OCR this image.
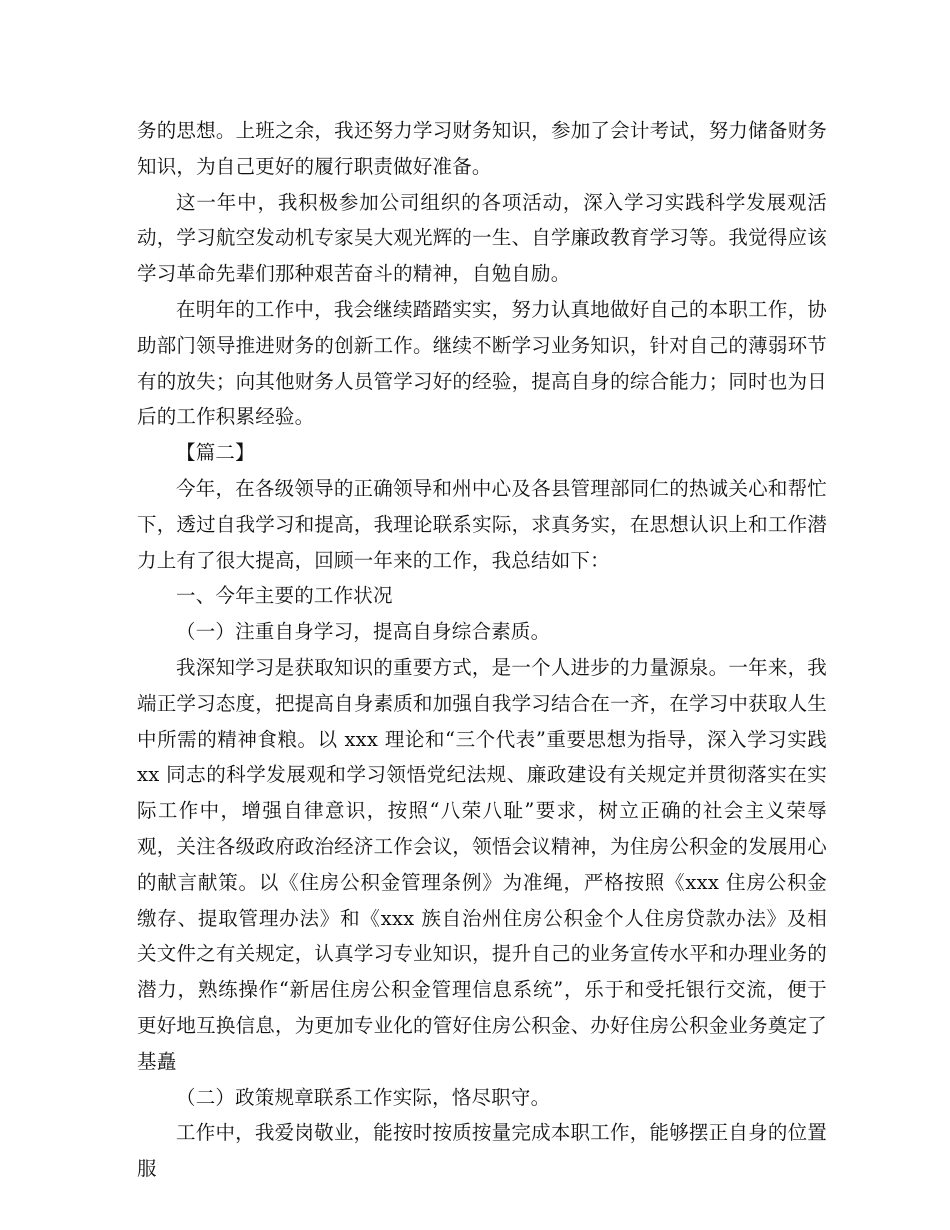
务的思想。上班之余，我还努力学习财务知识，参加了会计考试，努力储备财务知识，为自己更好的履行职责做好准备。

这一年中，我积极参加公司组织的各项活动，深入学习实践科学发展观活动，学习航空发动机专家吴大观光辉的一生、自学廉政教育学习等。我觉得应该学习革命先辈们那种艰苦奋斗的精神，自勉自励。

在明年的工作中，我会继续踏踏实实，努力认真地做好自己的本职工作，协助部门领导推进财务的创新工作。继续不断学习业务知识，针对自己的薄弱环节有的放失；向其他财务人员管学习好的经验，提高自身的综合能力；同时也为日后的工作积累经验。

【篇二】

今年，在各级领导的正确领导和州中心及各县管理部同仁的热诚关心和帮忙下，透过自我学习和提高，我理论联系实际，求真务实，在思想认识上和工作潜力上有了很大提高，回顾一年来的工作，我总结如下：

一、今年主要的工作状况

（一）注重自身学习，提高自身综合素质。

我深知学习是获取知识的重要方式，是一个人进步的力量源泉。一年来，我端正学习态度，把提高自身素质和加强自我学习结合在一齐，在学习中获取人生中所需的精神食粮。以 xxx 理论和“三个代表”重要思想为指导，深入学习实践 xx 同志的科学发展观和学习领悟党纪法规、廉政建设有关规定并贯彻落实在实际工作中，增强自律意识，按照“八荣八耻”要求，树立正确的社会主义荣辱观，关注各级政府政治经济工作会议，领悟会议精神，为住房公积金的发展用心的献言献策。以《住房公积金管理条例》为准绳，严格按照《xxx 住房公积金缴存、提取管理办法》和《xxx 族自治州住房公积金个人住房贷款办法》及相关文件之有关规定，认真学习专业知识，提升自己的业务宣传水平和办理业务的潜力，熟练操作“新居住房公积金管理信息系统”，乐于和受托银行交流，便于更好地互换信息，为更加专业化的管好住房公积金、办好住房公积金业务奠定了基矗

（二）政策规章联系工作实际，恪尽职守。

工作中，我爱岗敬业，能按时按质按量完成本职工作，能够摆正自身的位置服
